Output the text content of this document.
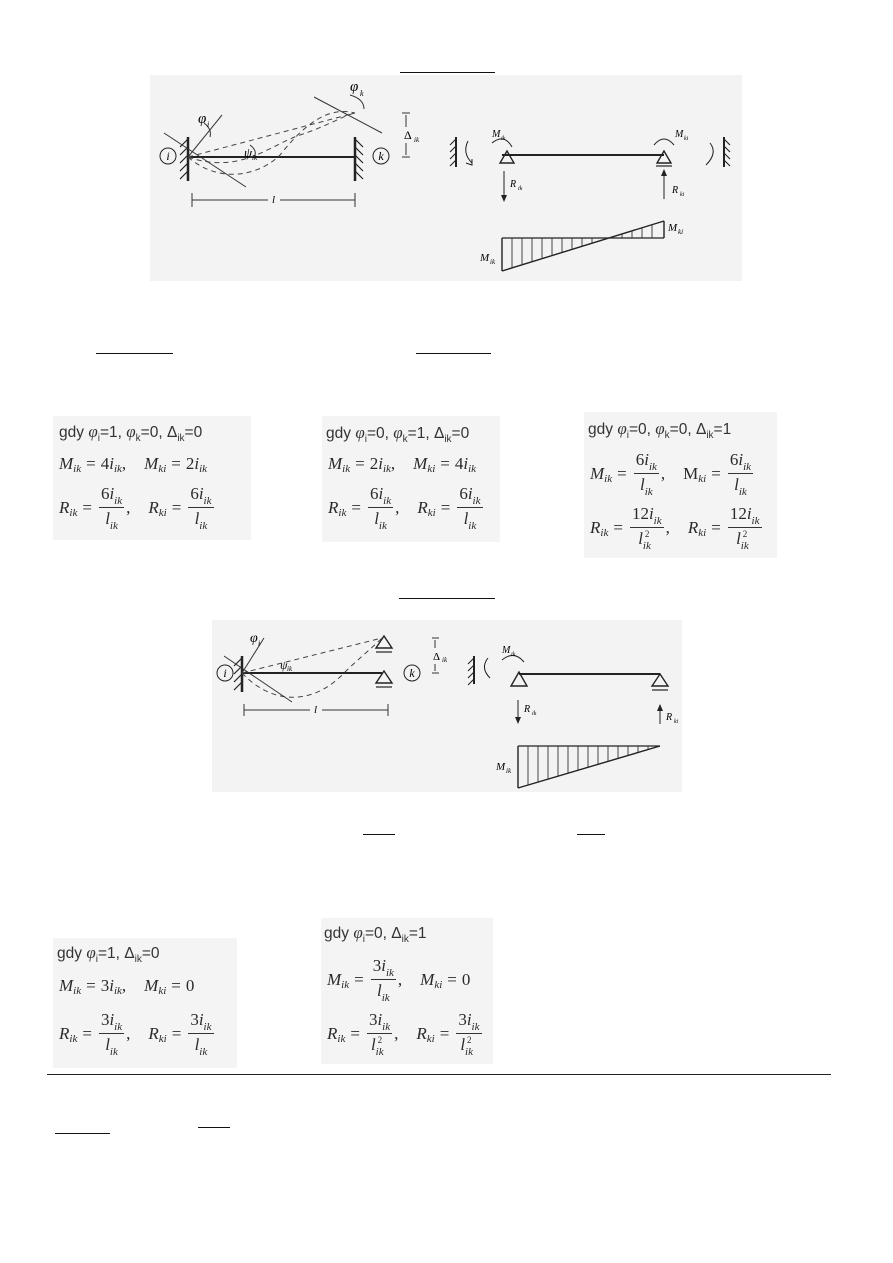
i	k
φ i
φ k
ψ ik
Δ ik
l
M ik	M ki
R ik	R ki
M ik
M ki
gdy $\varphi_i=1$, $\varphi_k=0$, $\Delta_{ik}=0$
M ik = 4 i ik , M ki = 2 i ik
R ik = $\frac{6i_{ik}}{l_{ik}}$ , R ki = $\frac{6i_{ik}}{l_{ik}}$
gdy $\varphi_i=0$, $\varphi_k=1$, $\Delta_{ik}=0$
M ik = 2 i ik , M ki = 4 i ik
R ik = $\frac{6i_{ik}}{l_{ik}}$ , R ki = $\frac{6i_{ik}}{l_{ik}}$
gdy $\varphi_i=0$, $\varphi_k=0$, $\Delta_{ik}=1$
M ik = $\frac{6i_{ik}}{l_{ik}}$ , M ki = $\frac{6i_{ik}}{l_{ik}}$
R ik = $\frac{12i_{ik}}{l_{ik}^2}$ , R ki = $\frac{12i_{ik}}{l_{ik}^2}$
i
φ i
ψ ik	k
Δ ik
l
M ik
R ik	R ki
M ik
gdy $\varphi_i=1$, $\Delta_{ik}=0$
M ik = 3 i ik , M ki = 0
R ik = $\frac{3i_{ik}}{l_{ik}}$ , R ki = $\frac{3i_{ik}}{l_{ik}}$
gdy $\varphi_i=0$, $\Delta_{ik}=1$
M ik = $\frac{3i_{ik}}{l_{ik}}$ , M ki = 0
R ik = $\frac{3i_{ik}}{l_{ik}^2}$ , R ki = $\frac{3i_{ik}}{l_{ik}^2}$
